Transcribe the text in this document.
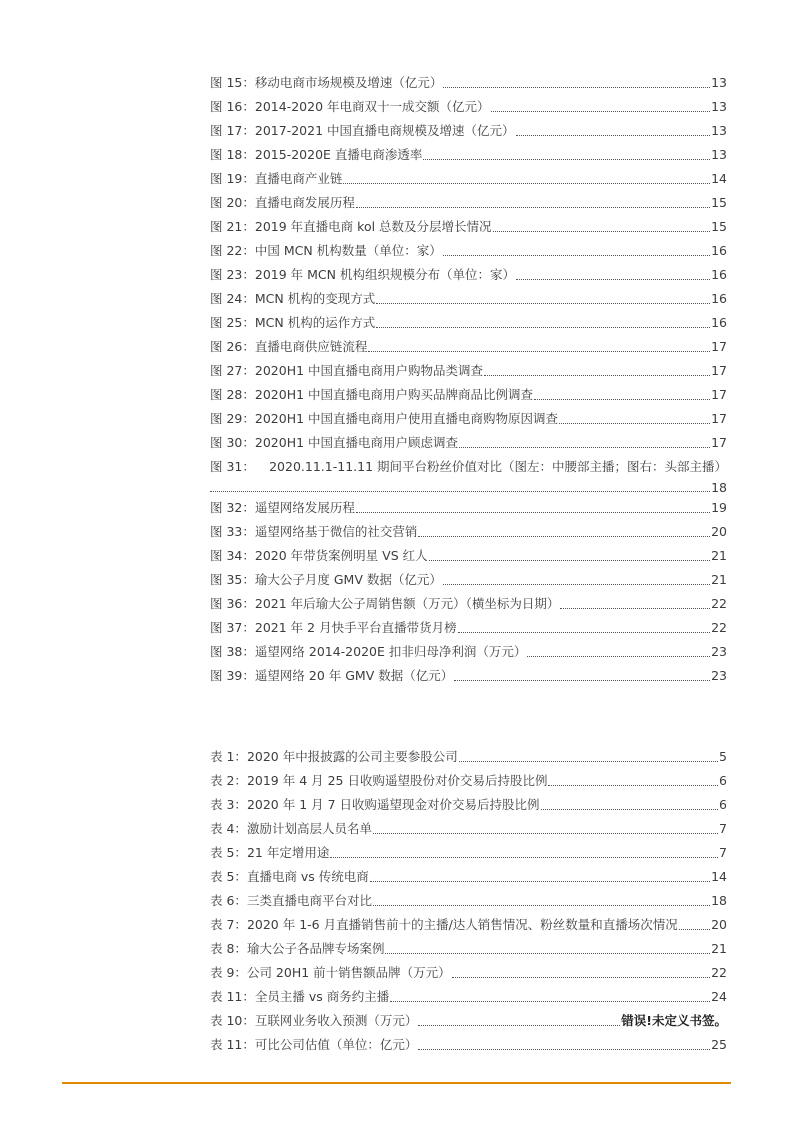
图 15：移动电商市场规模及增速（亿元）	13
图 16：2014-2020 年电商双十一成交额（亿元）	13
图 17：2017-2021 中国直播电商规模及增速（亿元）	13
图 18：2015-2020E 直播电商渗透率	13
图 19：直播电商产业链	14
图 20：直播电商发展历程	15
图 21：2019 年直播电商 kol 总数及分层增长情况	15
图 22：中国 MCN 机构数量（单位：家）	16
图 23：2019 年 MCN 机构组织规模分布（单位：家）	16
图 24：MCN 机构的变现方式	16
图 25：MCN 机构的运作方式	16
图 26：直播电商供应链流程	17
图 27：2020H1 中国直播电商用户购物品类调查	17
图 28：2020H1 中国直播电商用户购买品牌商品比例调查	17
图 29：2020H1 中国直播电商用户使用直播电商购物原因调查	17
图 30：2020H1 中国直播电商用户顾虑调查	17
图 31： 2020.11.1-11.11 期间平台粉丝价值对比（图左：中腰部主播；图右：头部主播）
18
图 32：遥望网络发展历程	19
图 33：遥望网络基于微信的社交营销	20
图 34：2020 年带货案例明星 VS 红人	21
图 35：瑜大公子月度 GMV 数据（亿元）	21
图 36：2021 年后瑜大公子周销售额（万元）（横坐标为日期）	22
图 37：2021 年 2 月快手平台直播带货月榜	22
图 38：遥望网络 2014-2020E 扣非归母净利润（万元）	23
图 39：遥望网络 20 年 GMV 数据（亿元）	23
表 1：2020 年中报披露的公司主要参股公司	5
表 2：2019 年 4 月 25 日收购遥望股份对价交易后持股比例	6
表 3：2020 年 1 月 7 日收购遥望现金对价交易后持股比例	6
表 4：激励计划高层人员名单	7
表 5：21 年定增用途	7
表 5：直播电商 vs 传统电商	14
表 6：三类直播电商平台对比	18
表 7：2020 年 1-6 月直播销售前十的主播/达人销售情况、粉丝数量和直播场次情况	20
表 8：瑜大公子各品牌专场案例	21
表 9：公司 20H1 前十销售额品牌（万元）	22
表 11：全员主播 vs 商务约主播	24
表 10：互联网业务收入预测（万元）	错误!未定义书签。
表 11：可比公司估值（单位：亿元）	25
